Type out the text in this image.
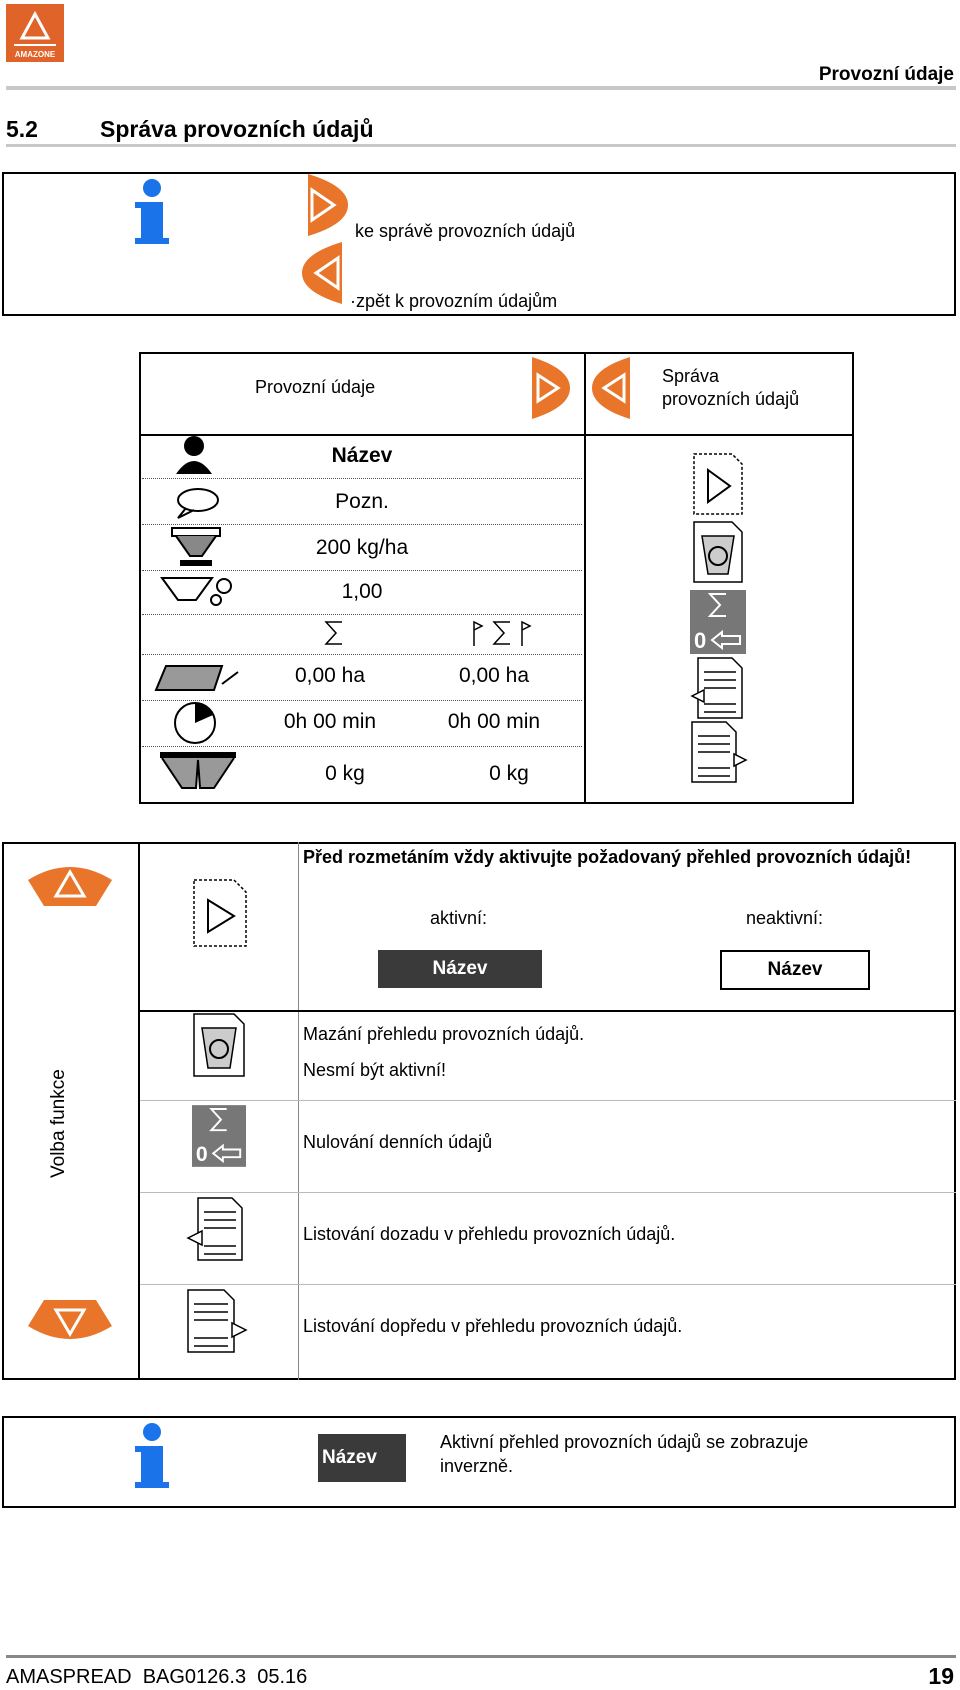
AMAZONE
Provozní údaje
5.2	Správa provozních údajů
ke správě provozních údajů
·zpět k provozním údajům
Provozní údaje
Správa
provozních údajů
Název
Pozn.
200 kg/ha
1,00
0,00 ha	0,00 ha
0h 00 min	0h 00 min
0 kg	0 kg
0
Volba funkce	0
Před rozmetáním vždy aktivujte požadovaný přehled provozních údajů!
aktivní:	neaktivní:
Název	Název
Mazání přehledu provozních údajů.
Nesmí být aktivní!
Nulování denních údajů
Listování dozadu v přehledu provozních údajů.
Listování dopředu v přehledu provozních údajů.
Název
Aktivní přehled provozních údajů se zobrazuje
inverzně.
AMASPREAD  BAG0126.3  05.16	19
